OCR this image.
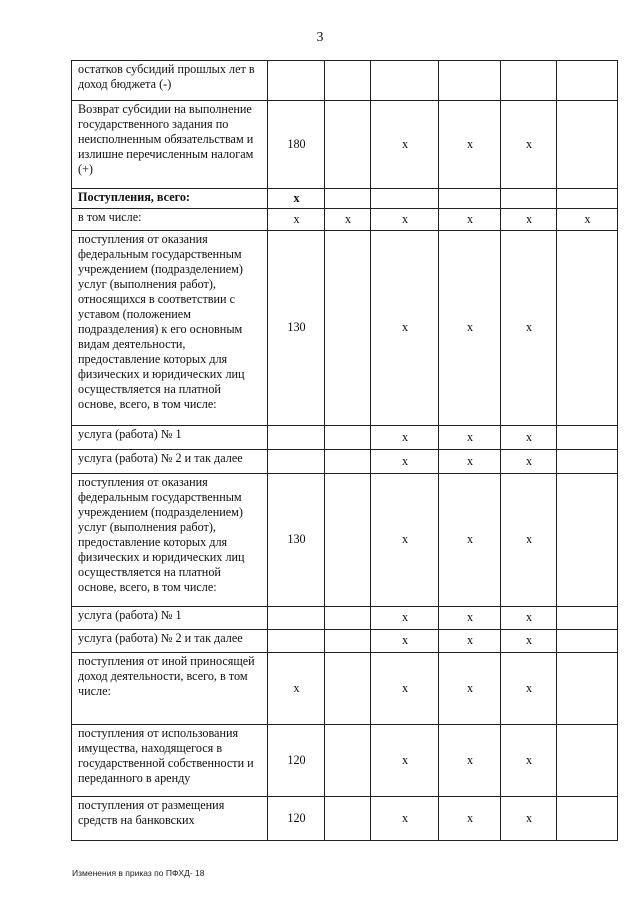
3
остатков субсидий прошлых лет в доход бюджета (-)						
Возврат субсидии на выполнение государственного задания по неисполненным обязательствам и излишне перечисленным налогам (+)	180		x	x	x	
Поступления, всего:	x					
в том числе:	x	x	x	x	x	x
поступления от оказания федеральным государственным учреждением (подразделением) услуг (выполнения работ), относящихся в соответствии с уставом (положением подразделения) к его основным видам деятельности, предоставление которых для физических и юридических лиц осуществляется на платной основе, всего, в том числе:	130		x	x	x	
услуга (работа) № 1			x	x	x	
услуга (работа) № 2 и так далее			x	x	x	
поступления от оказания федеральным государственным учреждением (подразделением) услуг (выполнения работ), предоставление которых для физических и юридических лиц осуществляется на платной основе, всего, в том числе:	130		x	x	x	
услуга (работа) № 1			x	x	x	
услуга (работа) № 2 и так далее			x	x	x	
поступления от иной приносящей доход деятельности, всего, в том числе:	x		x	x	x	
поступления от использования имущества, находящегося в государственной собственности и переданного в аренду	120		x	x	x	
поступления от размещения средств на банковских	120		x	x	x	
Изменения в приказ по ПФХД- 18
